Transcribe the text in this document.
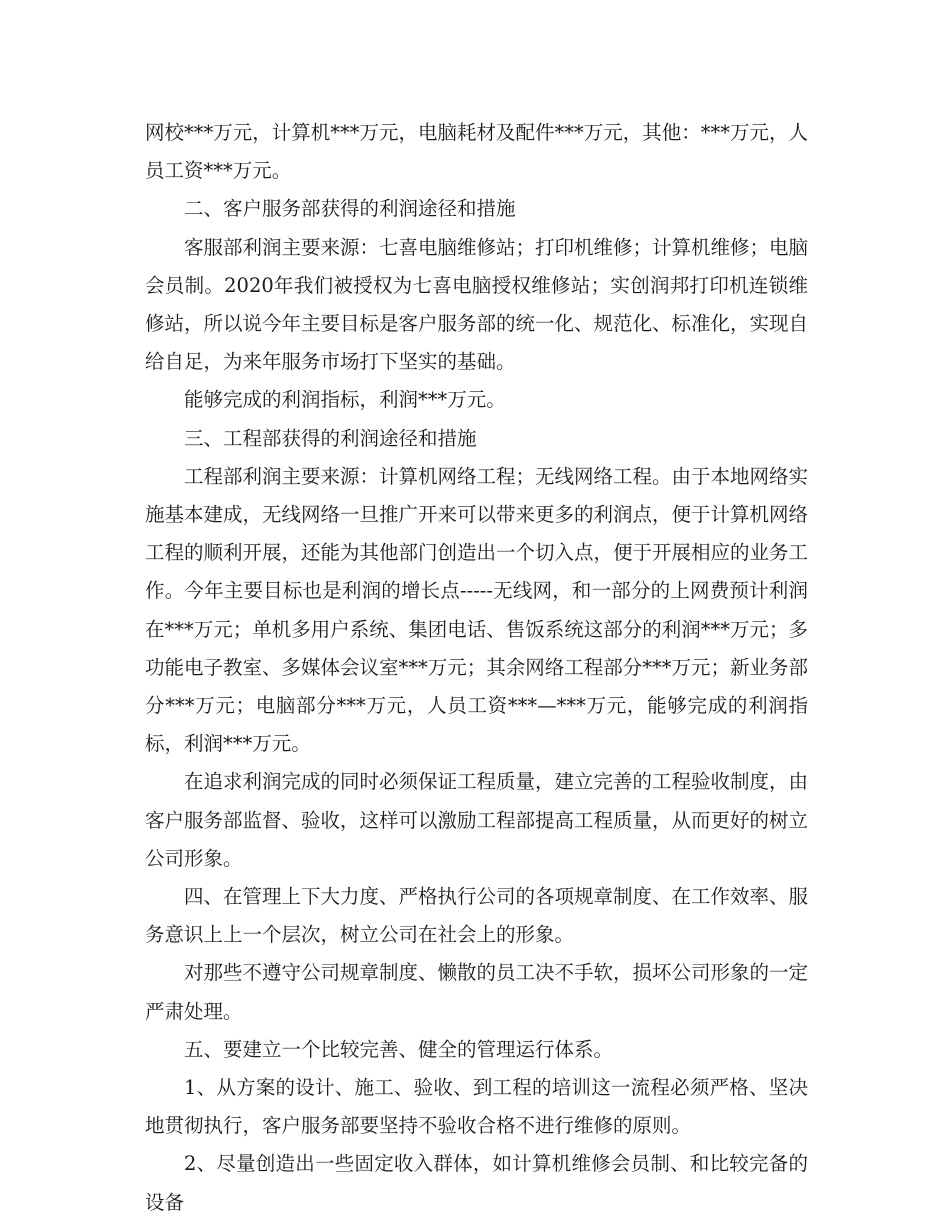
网校***万元，计算机***万元，电脑耗材及配件***万元，其他：***万元，人员工资***万元。

二、客户服务部获得的利润途径和措施

客服部利润主要来源：七喜电脑维修站；打印机维修；计算机维修；电脑会员制。2020年我们被授权为七喜电脑授权维修站；实创润邦打印机连锁维修站，所以说今年主要目标是客户服务部的统一化、规范化、标准化，实现自给自足，为来年服务市场打下坚实的基础。

能够完成的利润指标，利润***万元。

三、工程部获得的利润途径和措施

工程部利润主要来源：计算机网络工程；无线网络工程。由于本地网络实施基本建成，无线网络一旦推广开来可以带来更多的利润点，便于计算机网络工程的顺利开展，还能为其他部门创造出一个切入点，便于开展相应的业务工作。今年主要目标也是利润的增长点-----无线网，和一部分的上网费预计利润在***万元；单机多用户系统、集团电话、售饭系统这部分的利润***万元；多功能电子教室、多媒体会议室***万元；其余网络工程部分***万元；新业务部分***万元；电脑部分***万元，人员工资***—***万元，能够完成的利润指标，利润***万元。

在追求利润完成的同时必须保证工程质量，建立完善的工程验收制度，由客户服务部监督、验收，这样可以激励工程部提高工程质量，从而更好的树立公司形象。

四、在管理上下大力度、严格执行公司的各项规章制度、在工作效率、服务意识上上一个层次，树立公司在社会上的形象。

对那些不遵守公司规章制度、懒散的员工决不手软，损坏公司形象的一定严肃处理。

五、要建立一个比较完善、健全的管理运行体系。

1、从方案的设计、施工、验收、到工程的培训这一流程必须严格、坚决地贯彻执行，客户服务部要坚持不验收合格不进行维修的原则。

2、尽量创造出一些固定收入群体，如计算机维修会员制、和比较完备的设备
